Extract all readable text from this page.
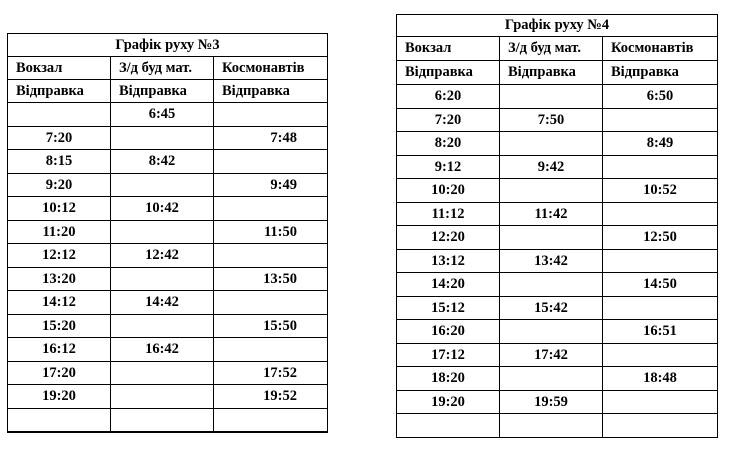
Графік руху №3		
Вокзал	З/д буд мат.	Космонавтів
Відправка	Відправка	Відправка
	6:45	
7:20		7:48
8:15	8:42	
9:20		9:49
10:12	10:42	
11:20		11:50
12:12	12:42	
13:20		13:50
14:12	14:42	
15:20		15:50
16:12	16:42	
17:20		17:52
19:20		19:52

Графік руху №4		
Вокзал	З/д буд мат.	Космонавтів
Відправка	Відправка	Відправка
6:20		6:50
7:20	7:50	
8:20		8:49
9:12	9:42	
10:20		10:52
11:12	11:42	
12:20		12:50
13:12	13:42	
14:20		14:50
15:12	15:42	
16:20		16:51
17:12	17:42	
18:20		18:48
19:20	19:59	
